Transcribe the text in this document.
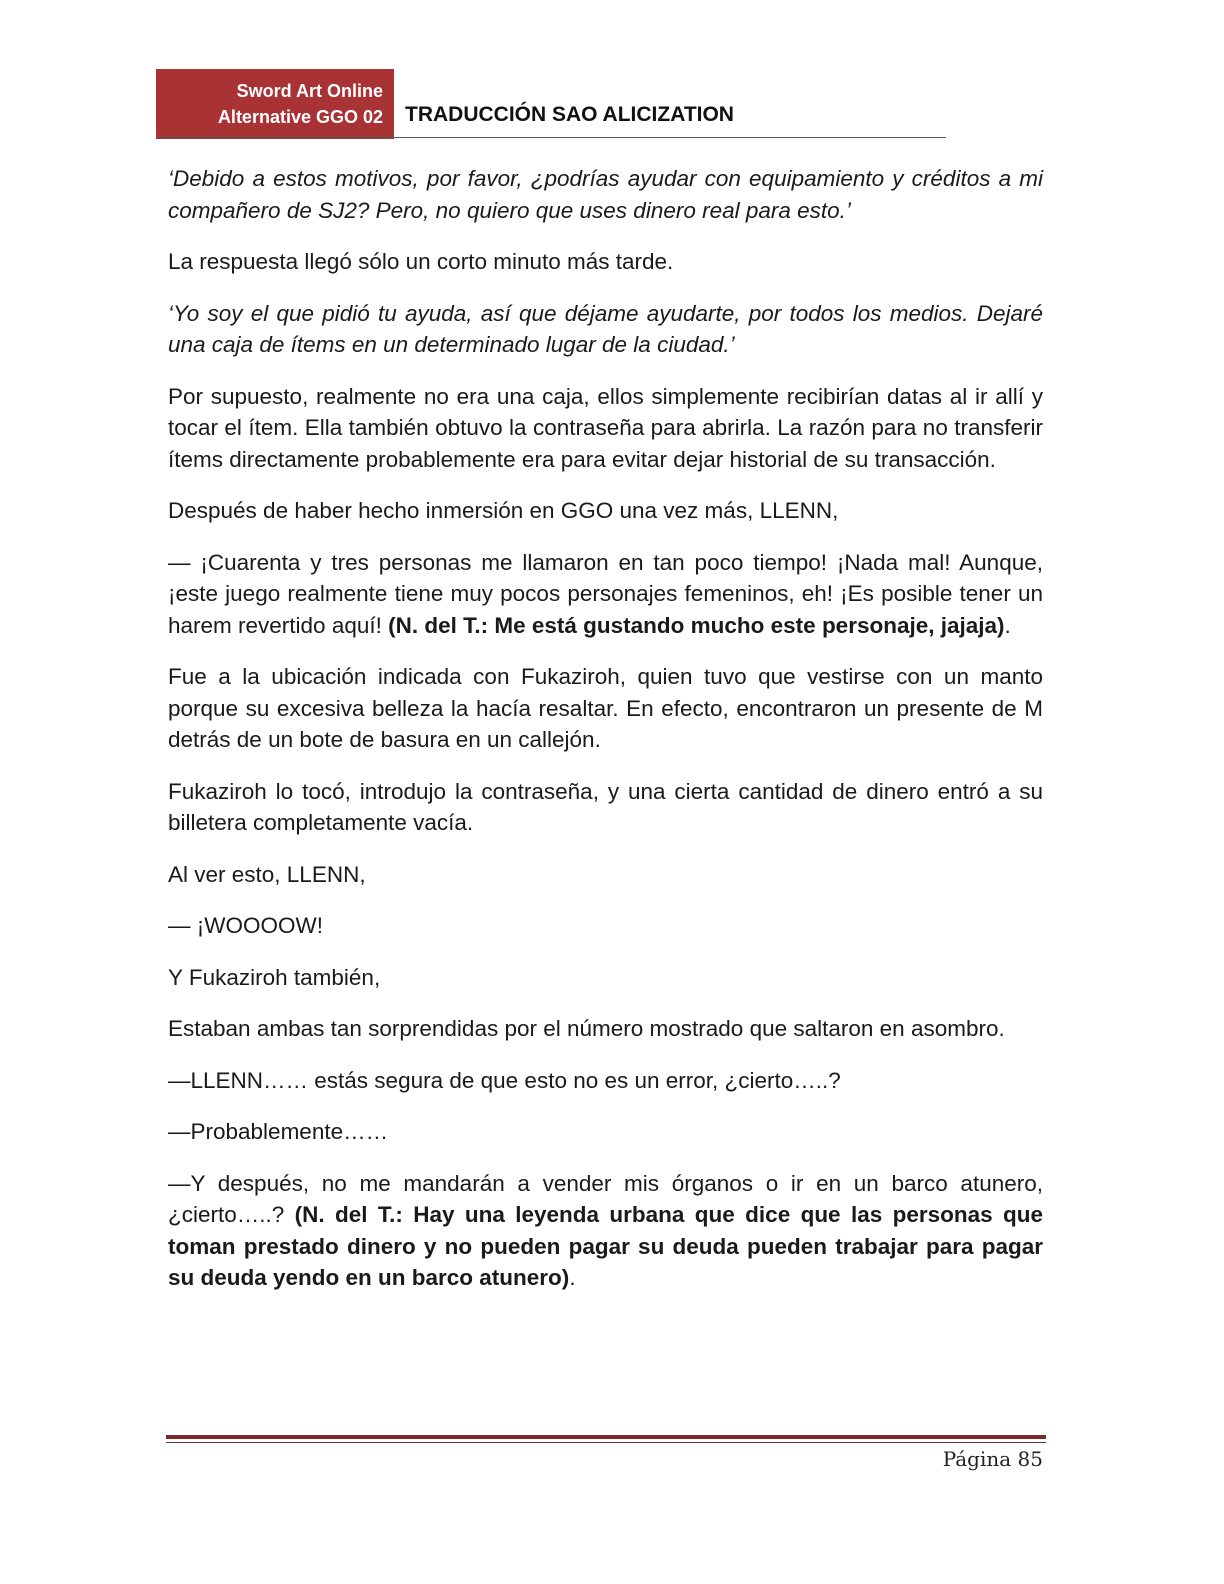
Sword Art Online
Alternative GGO 02 TRADUCCIÓN SAO ALICIZATION

‘Debido a estos motivos, por favor, ¿podrías ayudar con equipamiento y créditos a mi compañero de SJ2? Pero, no quiero que uses dinero real para esto.’

La respuesta llegó sólo un corto minuto más tarde.

‘Yo soy el que pidió tu ayuda, así que déjame ayudarte, por todos los medios. Dejaré una caja de ítems en un determinado lugar de la ciudad.’

Por supuesto, realmente no era una caja, ellos simplemente recibirían datas al ir allí y tocar el ítem. Ella también obtuvo la contraseña para abrirla. La razón para no transferir ítems directamente probablemente era para evitar dejar historial de su transacción.

Después de haber hecho inmersión en GGO una vez más, LLENN,

— ¡Cuarenta y tres personas me llamaron en tan poco tiempo! ¡Nada mal! Aunque, ¡este juego realmente tiene muy pocos personajes femeninos, eh! ¡Es posible tener un harem revertido aquí! (N. del T.: Me está gustando mucho este personaje, jajaja).

Fue a la ubicación indicada con Fukaziroh, quien tuvo que vestirse con un manto porque su excesiva belleza la hacía resaltar. En efecto, encontraron un presente de M detrás de un bote de basura en un callejón.

Fukaziroh lo tocó, introdujo la contraseña, y una cierta cantidad de dinero entró a su billetera completamente vacía.

Al ver esto, LLENN,

— ¡WOOOOW!

Y Fukaziroh también,

Estaban ambas tan sorprendidas por el número mostrado que saltaron en asombro.

—LLENN…… estás segura de que esto no es un error, ¿cierto…..?

—Probablemente……

—Y después, no me mandarán a vender mis órganos o ir en un barco atunero, ¿cierto…..? (N. del T.: Hay una leyenda urbana que dice que las personas que toman prestado dinero y no pueden pagar su deuda pueden trabajar para pagar su deuda yendo en un barco atunero).

Página 85
